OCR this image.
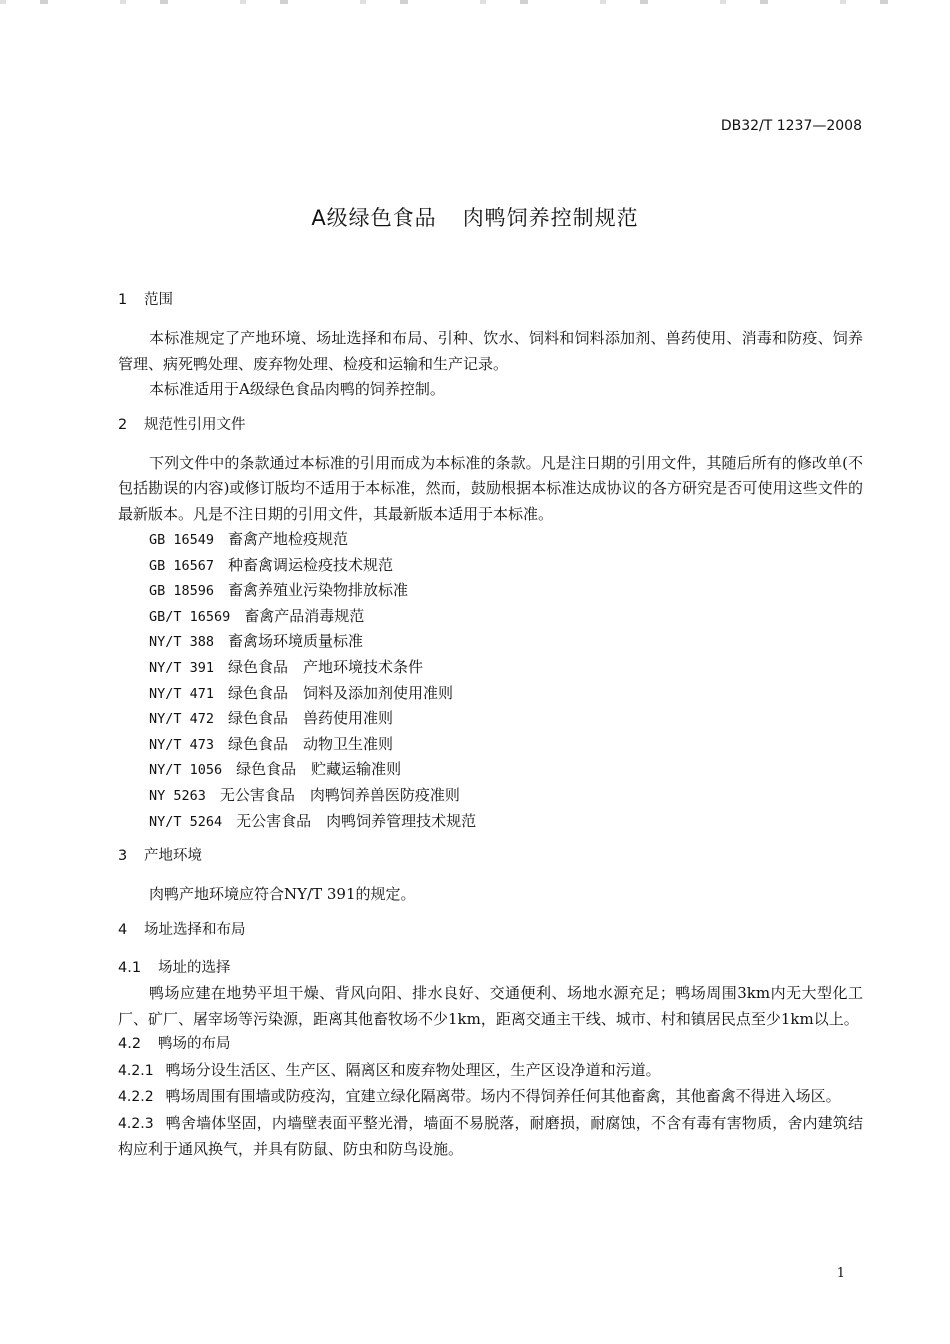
DB32/T 1237—2008
A级绿色食品 肉鸭饲养控制规范
1 范围

本标准规定了产地环境、场址选择和布局、引种、饮水、饲料和饲料添加剂、兽药使用、消毒和防疫、饲养管理、病死鸭处理、废弃物处理、检疫和运输和生产记录。

本标准适用于A级绿色食品肉鸭的饲养控制。

2 规范性引用文件

下列文件中的条款通过本标准的引用而成为本标准的条款。凡是注日期的引用文件，其随后所有的修改单(不包括勘误的内容)或修订版均不适用于本标准，然而，鼓励根据本标准达成协议的各方研究是否可使用这些文件的最新版本。凡是不注日期的引用文件，其最新版本适用于本标准。

GB 16549 畜禽产地检疫规范
GB 16567 种畜禽调运检疫技术规范
GB 18596 畜禽养殖业污染物排放标准
GB/T 16569 畜禽产品消毒规范
NY/T 388 畜禽场环境质量标准
NY/T 391 绿色食品　产地环境技术条件
NY/T 471 绿色食品　饲料及添加剂使用准则
NY/T 472 绿色食品　兽药使用准则
NY/T 473 绿色食品　动物卫生准则
NY/T 1056 绿色食品　贮藏运输准则
NY 5263 无公害食品　肉鸭饲养兽医防疫准则
NY/T 5264 无公害食品　肉鸭饲养管理技术规范
3 产地环境

肉鸭产地环境应符合NY/T 391的规定。

4 场址选择和布局
4.1 场址的选择

鸭场应建在地势平坦干燥、背风向阳、排水良好、交通便利、场地水源充足；鸭场周围3km内无大型化工厂、矿厂、屠宰场等污染源，距离其他畜牧场不少1km，距离交通主干线、城市、村和镇居民点至少1km以上。

4.2 鸭场的布局

4.2.1 鸭场分设生活区、生产区、隔离区和废弃物处理区，生产区设净道和污道。

4.2.2 鸭场周围有围墙或防疫沟，宜建立绿化隔离带。场内不得饲养任何其他畜禽，其他畜禽不得进入场区。

4.2.3 鸭舍墙体坚固，内墙壁表面平整光滑，墙面不易脱落，耐磨损，耐腐蚀，不含有毒有害物质，舍内建筑结构应利于通风换气，并具有防鼠、防虫和防鸟设施。

1
